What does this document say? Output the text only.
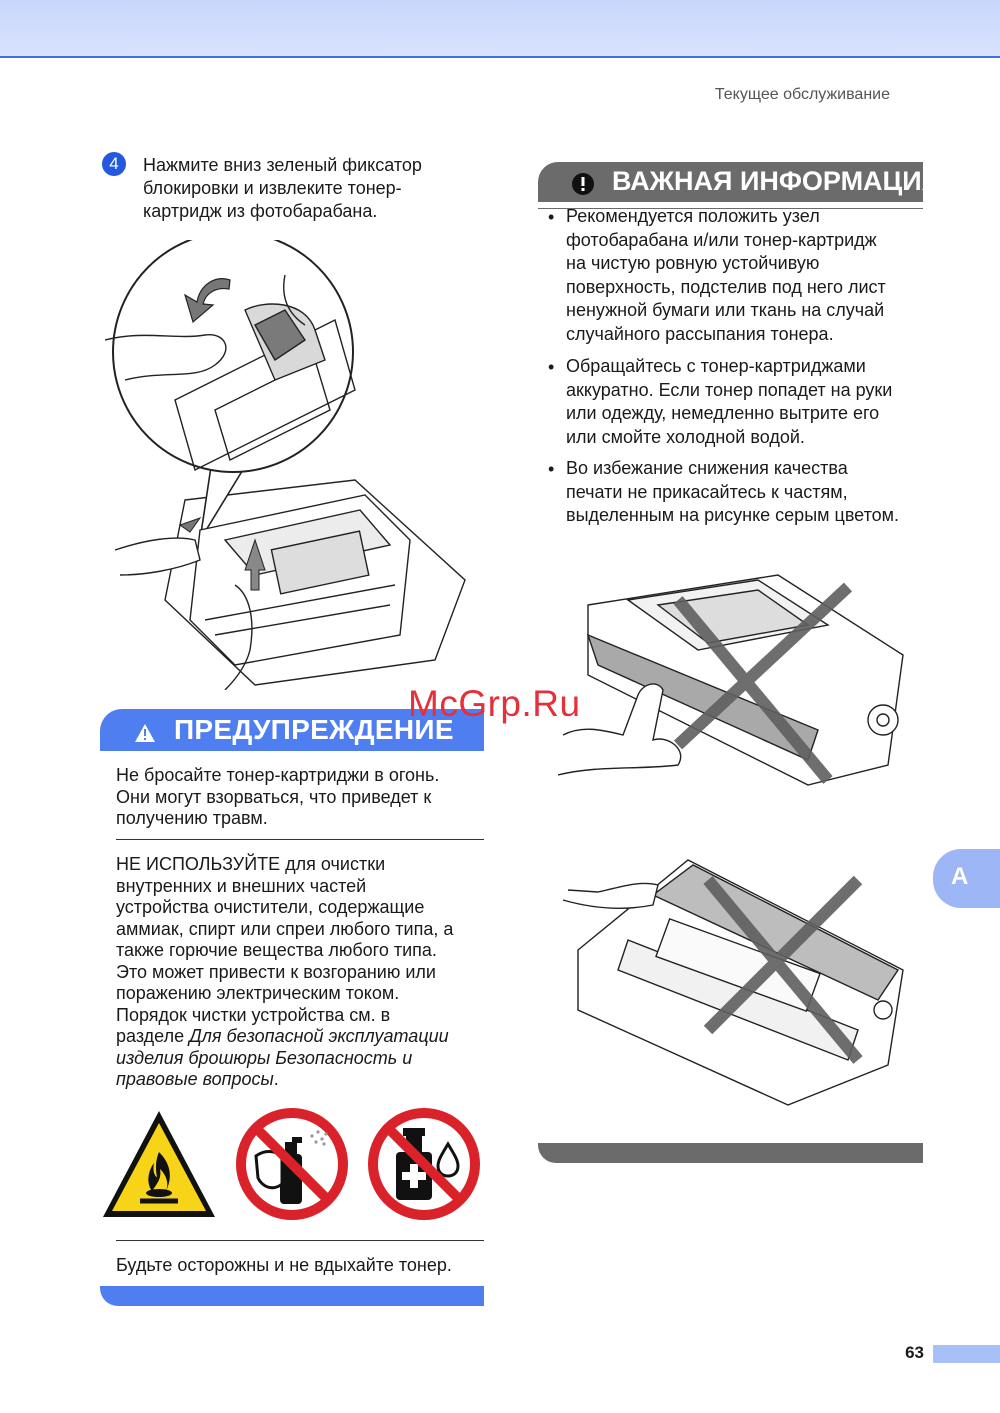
Текущее обслуживание
4	Нажмите вниз зеленый фиксатор
блокировки и извлеките тонер-
картридж из фотобарабана.
ПРЕДУПРЕЖДЕНИЕ
Не бросайте тонер-картриджи в огонь.
Они могут взорваться, что приведет к
получению травм.
НЕ ИСПОЛЬЗУЙТЕ для очистки
внутренних и внешних частей
устройства очистители, содержащие
аммиак, спирт или спреи любого типа, а
также горючие вещества любого типа.
Это может привести к возгоранию или
поражению электрическим током.
Порядок чистки устройства см. в
разделе Для безопасной эксплуатации
изделия брошюры Безопасность и
правовые вопросы.
Будьте осторожны и не вдыхайте тонер.
ВАЖНАЯ ИНФОРМАЦИЯ
• Рекомендуется положить узел
фотобарабана и/или тонер-картридж
на чистую ровную устойчивую
поверхность, подстелив под него лист
ненужной бумаги или ткань на случай
случайного рассыпания тонера.
• Обращайтесь с тонер-картриджами
аккуратно. Если тонер попадет на руки
или одежду, немедленно вытрите его
или смойте холодной водой.
• Во избежание снижения качества
печати не прикасайтесь к частям,
выделенным на рисунке серым цветом.
McGrp.Ru
A
63
